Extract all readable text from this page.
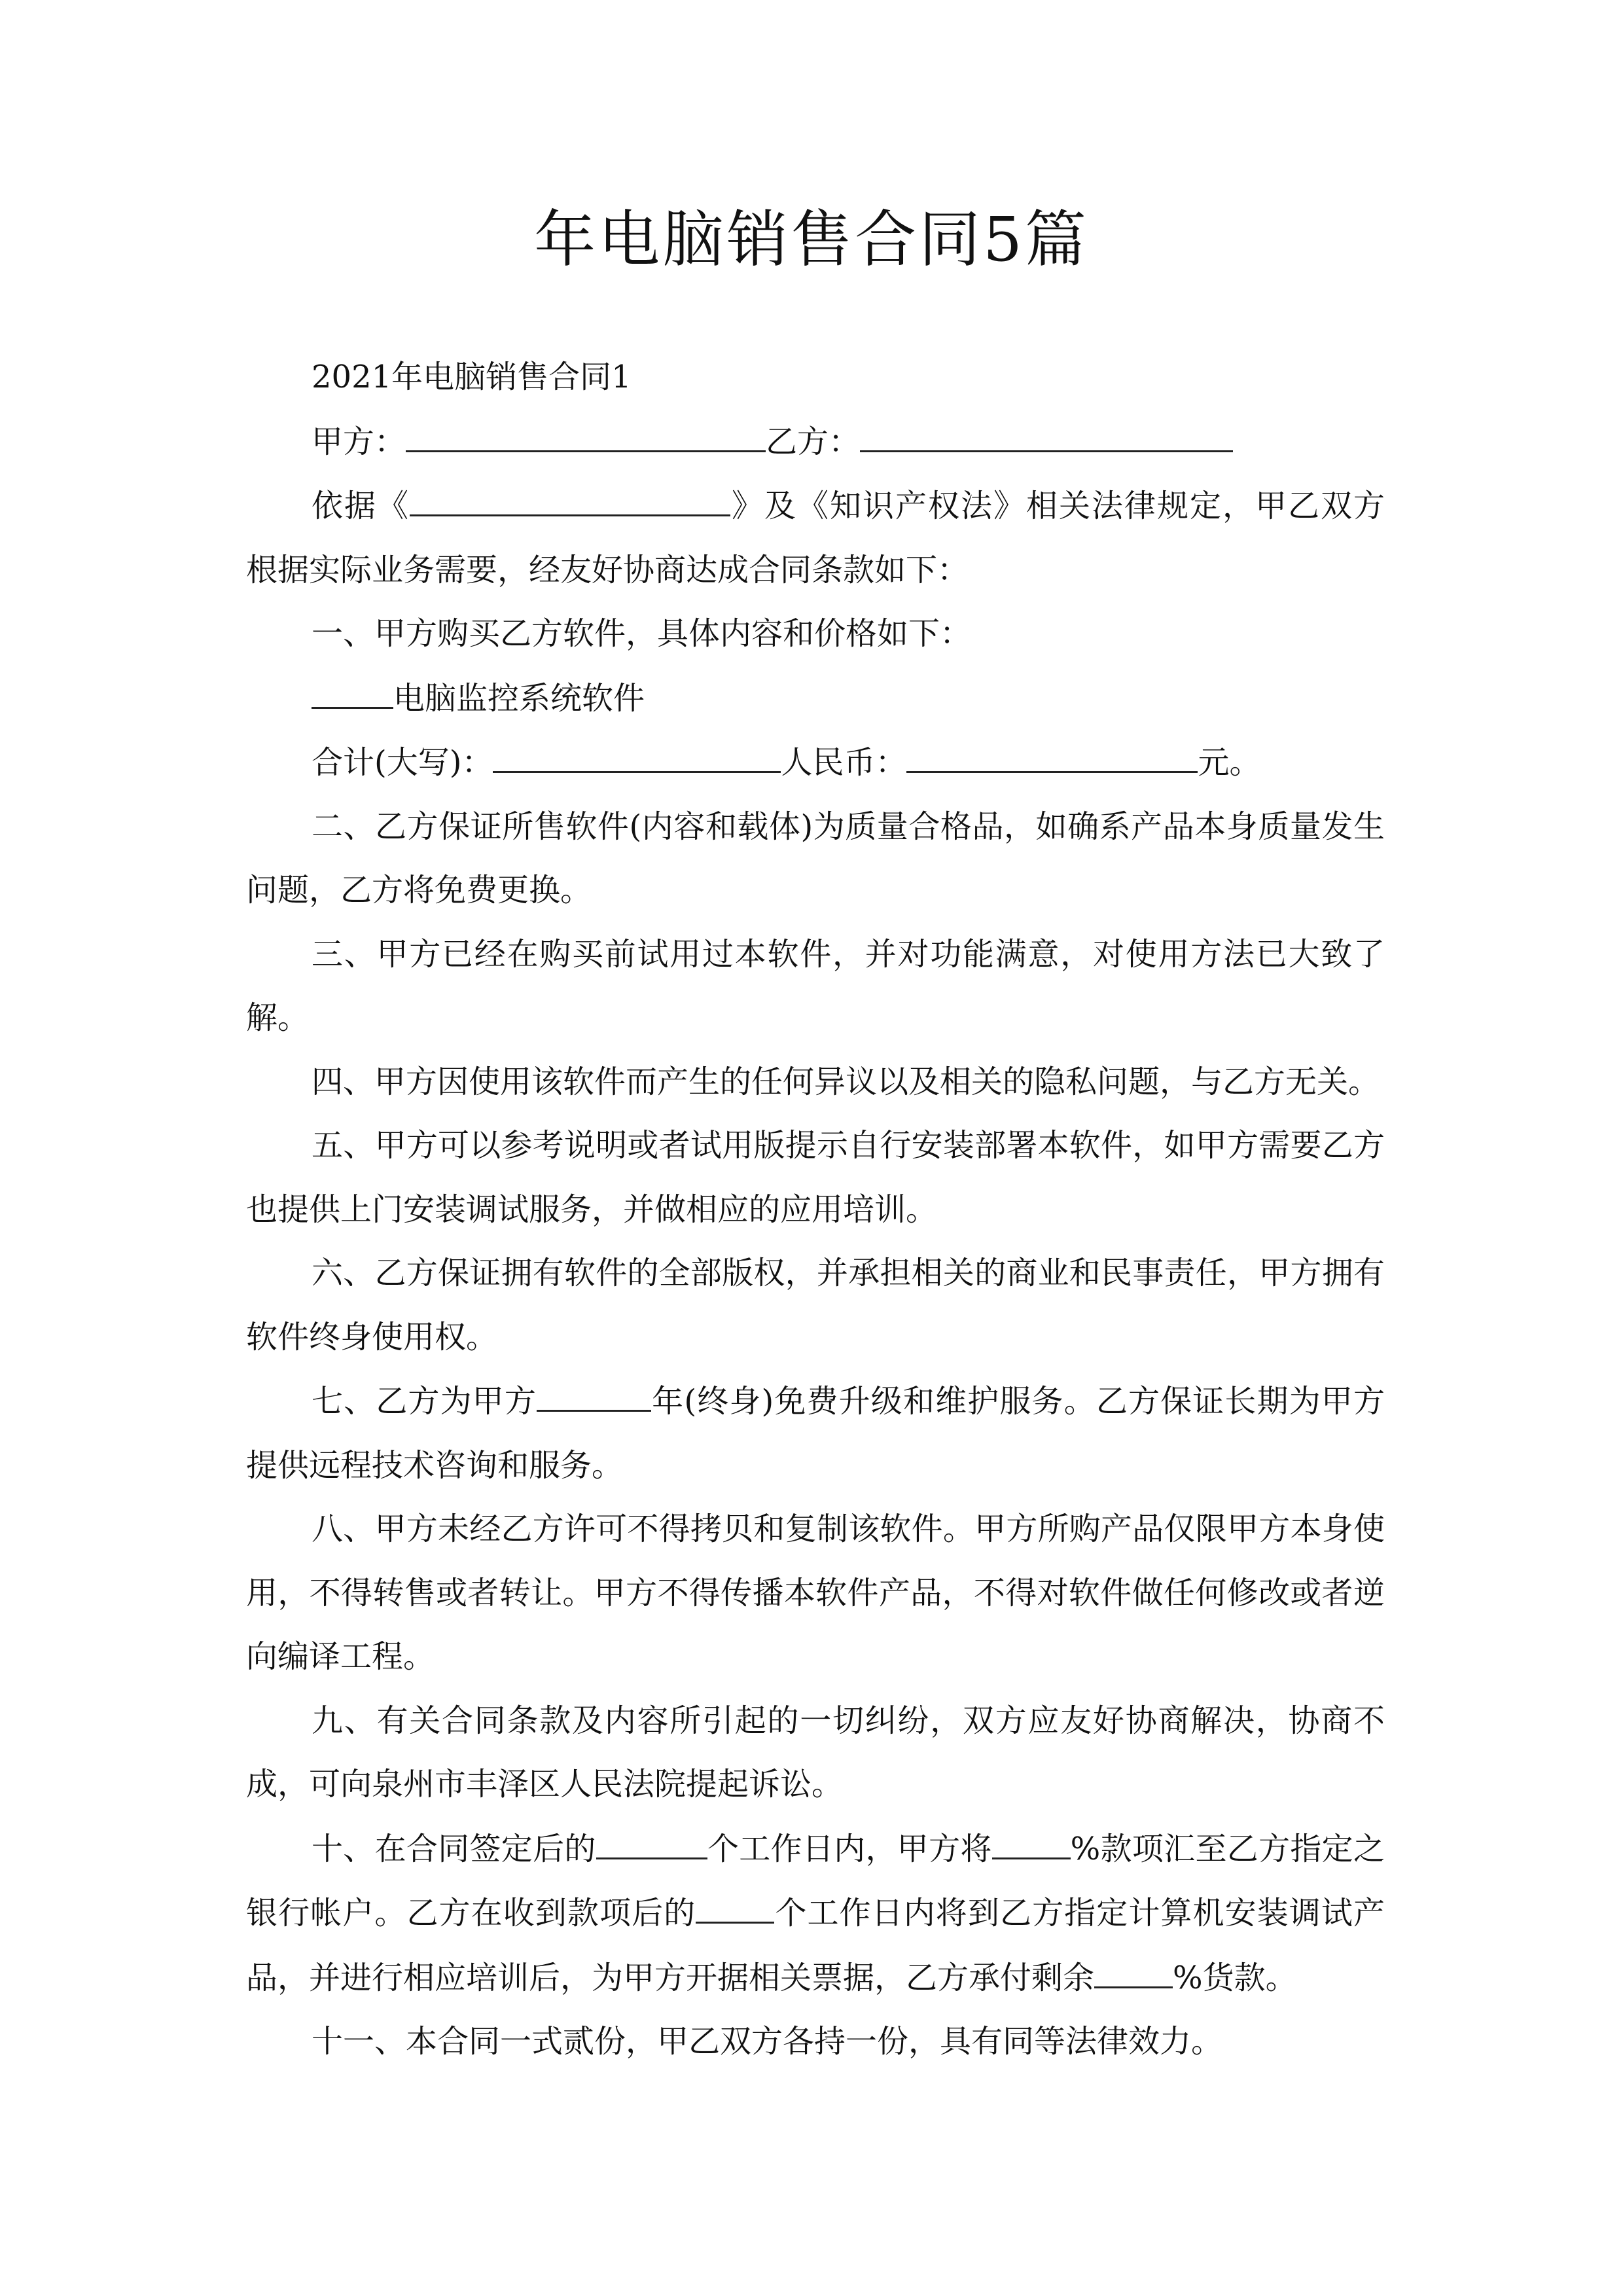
年电脑销售合同5篇

2021年电脑销售合同1

甲方：	乙方：

依据《	》及《知识产权法》相关法律规定，甲乙双方根据实际业务需要，经友好协商达成合同条款如下：

一、甲方购买乙方软件，具体内容和价格如下：

电脑监控系统软件

合计(大写)：	人民币：	元。

二、乙方保证所售软件(内容和载体)为质量合格品，如确系产品本身质量发生问题，乙方将免费更换。

三、甲方已经在购买前试用过本软件，并对功能满意，对使用方法已大致了解。

四、甲方因使用该软件而产生的任何异议以及相关的隐私问题，与乙方无关。

五、甲方可以参考说明或者试用版提示自行安装部署本软件，如甲方需要乙方也提供上门安装调试服务，并做相应的应用培训。

六、乙方保证拥有软件的全部版权，并承担相关的商业和民事责任，甲方拥有软件终身使用权。

七、乙方为甲方	年(终身)免费升级和维护服务。乙方保证长期为甲方提供远程技术咨询和服务。

八、甲方未经乙方许可不得拷贝和复制该软件。甲方所购产品仅限甲方本身使用，不得转售或者转让。甲方不得传播本软件产品，不得对软件做任何修改或者逆向编译工程。

九、有关合同条款及内容所引起的一切纠纷，双方应友好协商解决，协商不成，可向泉州市丰泽区人民法院提起诉讼。

十、在合同签定后的	个工作日内，甲方将	%款项汇至乙方指定之银行帐户。乙方在收到款项后的	个工作日内将到乙方指定计算机安装调试产品，并进行相应培训后，为甲方开据相关票据，乙方承付剩余	%货款。

十一、本合同一式贰份，甲乙双方各持一份，具有同等法律效力。
